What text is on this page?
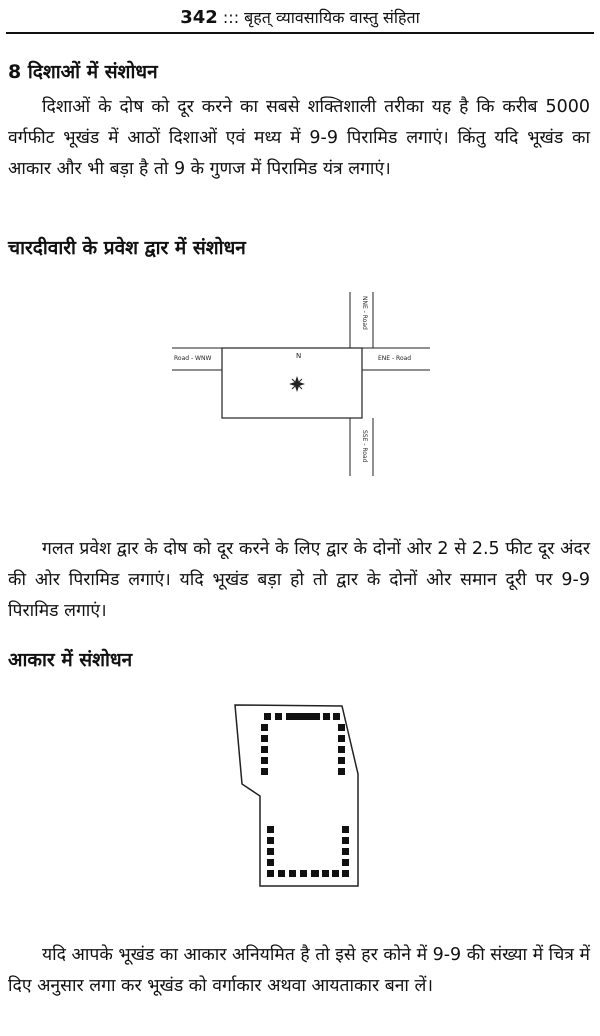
342 ::: बृहत् व्यावसायिक वास्तु संहिता
8 दिशाओं में संशोधन

दिशाओं के दोष को दूर करने का सबसे शक्तिशाली तरीका यह है कि करीब 5000 वर्गफीट भूखंड में आठों दिशाओं एवं मध्य में 9-9 पिरामिड लगाएं। किंतु यदि भूखंड का आकार और भी बड़ा है तो 9 के गुणज में पिरामिड यंत्र लगाएं।

चारदीवारी के प्रवेश द्वार में संशोधन
Road - WNW	ENE - Road
NNE - Road
SSE - Road
N

गलत प्रवेश द्वार के दोष को दूर करने के लिए द्वार के दोनों ओर 2 से 2.5 फीट दूर अंदर की ओर पिरामिड लगाएं। यदि भूखंड बड़ा हो तो द्वार के दोनों ओर समान दूरी पर 9-9 पिरामिड लगाएं।

आकार में संशोधन

यदि आपके भूखंड का आकार अनियमित है तो इसे हर कोने में 9-9 की संख्या में चित्र में दिए अनुसार लगा कर भूखंड को वर्गाकार अथवा आयताकार बना लें।
